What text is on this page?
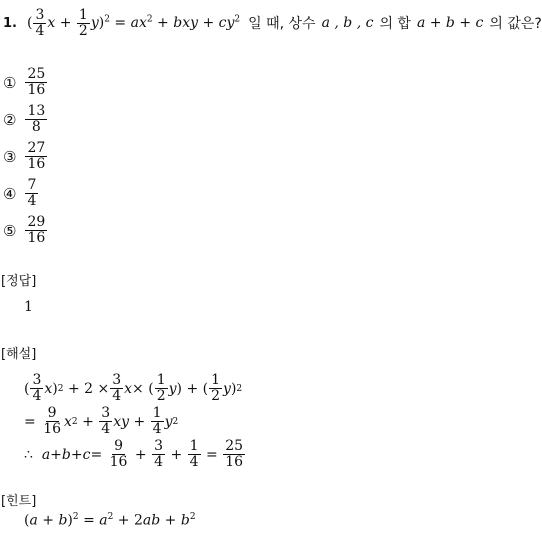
1. ( $\frac{3}{4}$ $x + \frac{1}{2} y)^2 = ax^2$ + bxy + $cy^2$ 일 때, 상수 a , b , c 의 합 a + b + c 의 값은?
① $\frac{25}{16}$
② $\frac{13}{8}$
③ $\frac{27}{16}$
④ $\frac{7}{4}$
⑤ $\frac{29}{16}$
[정답]
1
[해설]
( $\frac{3}{4}$ x ) $2 + 2 \times \frac{3}{4}$ x × ( $\frac{1}{2}$ y ) + ( $\frac{1}{2}$ y ) 2
= $\frac{9}{16}$ x $2 + \frac{3}{4}$ xy + $\frac{1}{4}$ y 2
∴ $a + b + c = \frac{9}{16} + \frac{3}{4} + \frac{1}{4} = \frac{25}{16}$
[힌트]
$(a + b)^2 = a^2 + 2ab + b^2$
